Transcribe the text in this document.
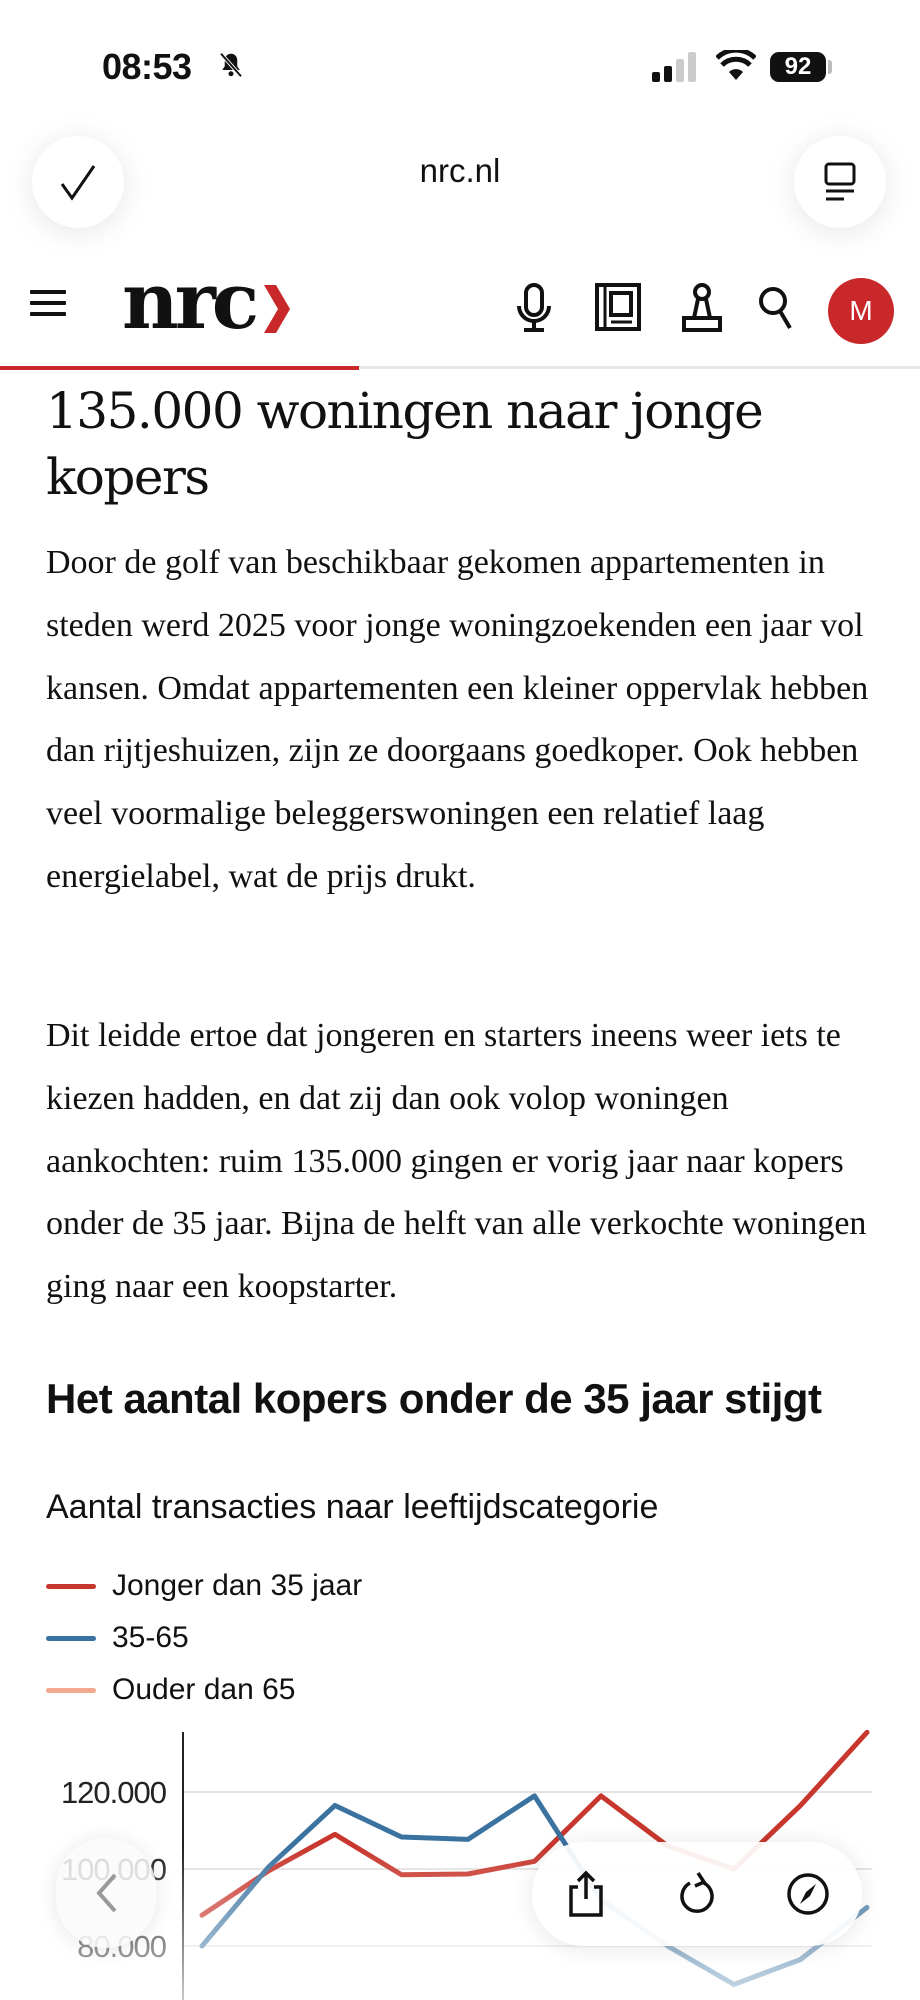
08:53	92
nrc.nl
nrc	M
135.000 woningen naar jonge kopers

Door de golf van beschikbaar gekomen appartementen in steden werd 2025 voor jonge woningzoekenden een jaar vol kansen. Omdat appartementen een kleiner oppervlak hebben dan rijtjeshuizen, zijn ze doorgaans goedkoper. Ook hebben veel voormalige beleggerswoningen een relatief laag energielabel, wat de prijs drukt.

Dit leidde ertoe dat jongeren en starters ineens weer iets te kiezen hadden, en dat zij dan ook volop woningen aankochten: ruim 135.000 gingen er vorig jaar naar kopers onder de 35 jaar. Bijna de helft van alle verkochte woningen ging naar een koopstarter.

Het aantal kopers onder de 35 jaar stijgt
Aantal transacties naar leeftijdscategorie
Jonger dan 35 jaar
35-65
Ouder dan 65
